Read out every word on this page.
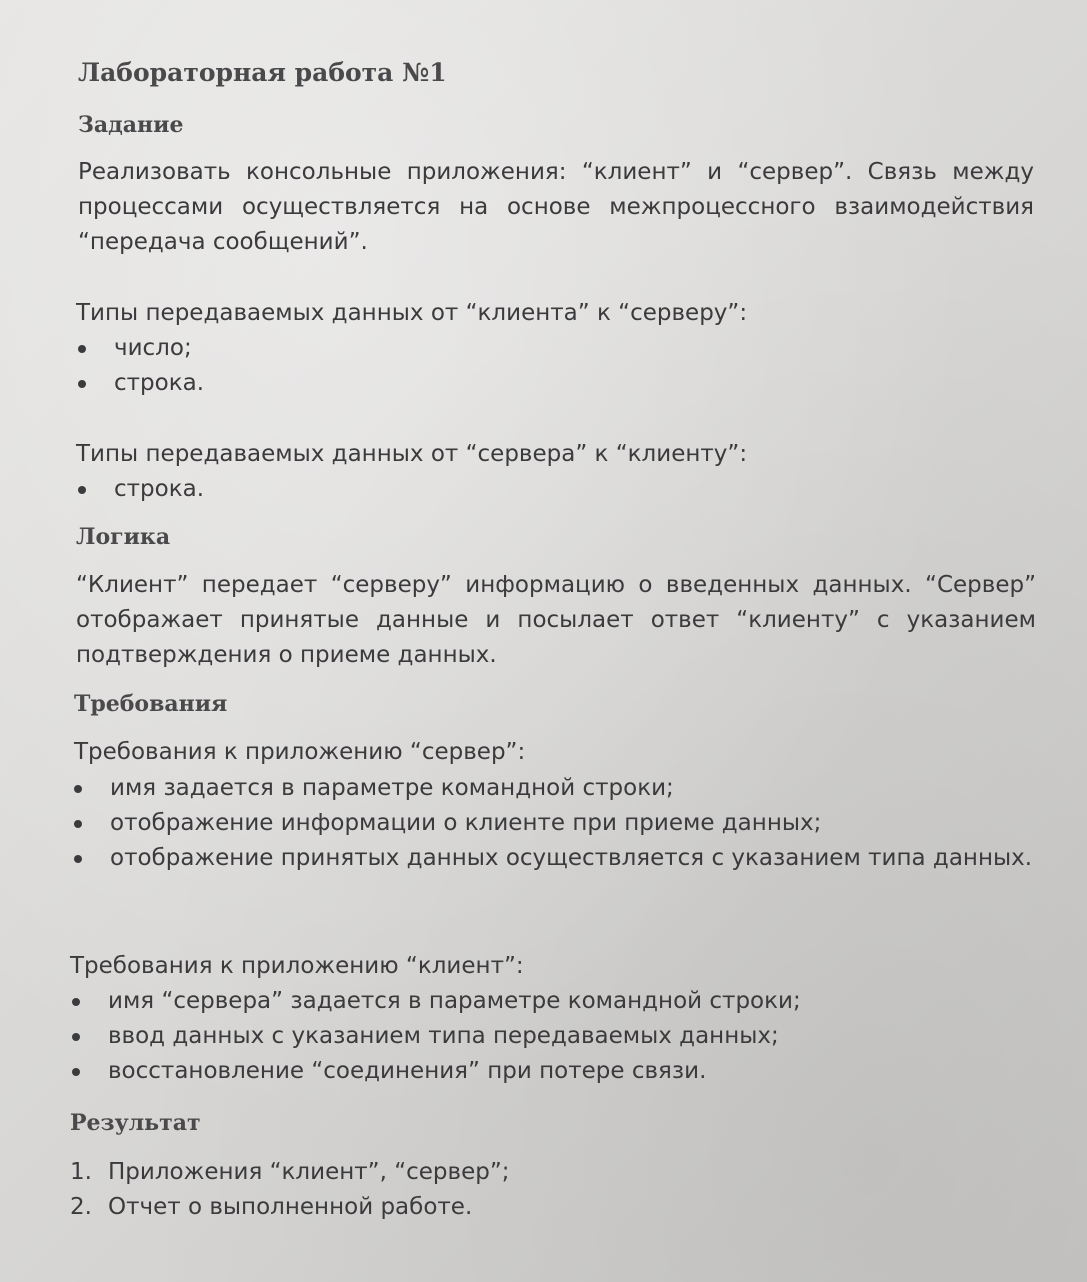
Лабораторная работа №1
Задание

Реализовать консольные приложения: “клиент” и “сервер”. Связь между процессами осуществляется на основе межпроцессного взаимодействия “передача сообщений”.

Типы передаваемых данных от “клиента” к “серверу”:
число;
строка.
Типы передаваемых данных от “сервера” к “клиенту”:
строка.
Логика

“Клиент” передает “серверу” информацию о введенных данных. “Сервер” отображает принятые данные и посылает ответ “клиенту” с указанием подтверждения о приеме данных.

Требования
Требования к приложению “сервер”:
имя задается в параметре командной строки;
отображение информации о клиенте при приеме данных;
отображение принятых данных осуществляется с указанием типа данных.
Требования к приложению “клиент”:
имя “сервера” задается в параметре командной строки;
ввод данных с указанием типа передаваемых данных;
восстановление “соединения” при потере связи.
Результат
1. Приложения “клиент”, “сервер”;
2. Отчет о выполненной работе.
